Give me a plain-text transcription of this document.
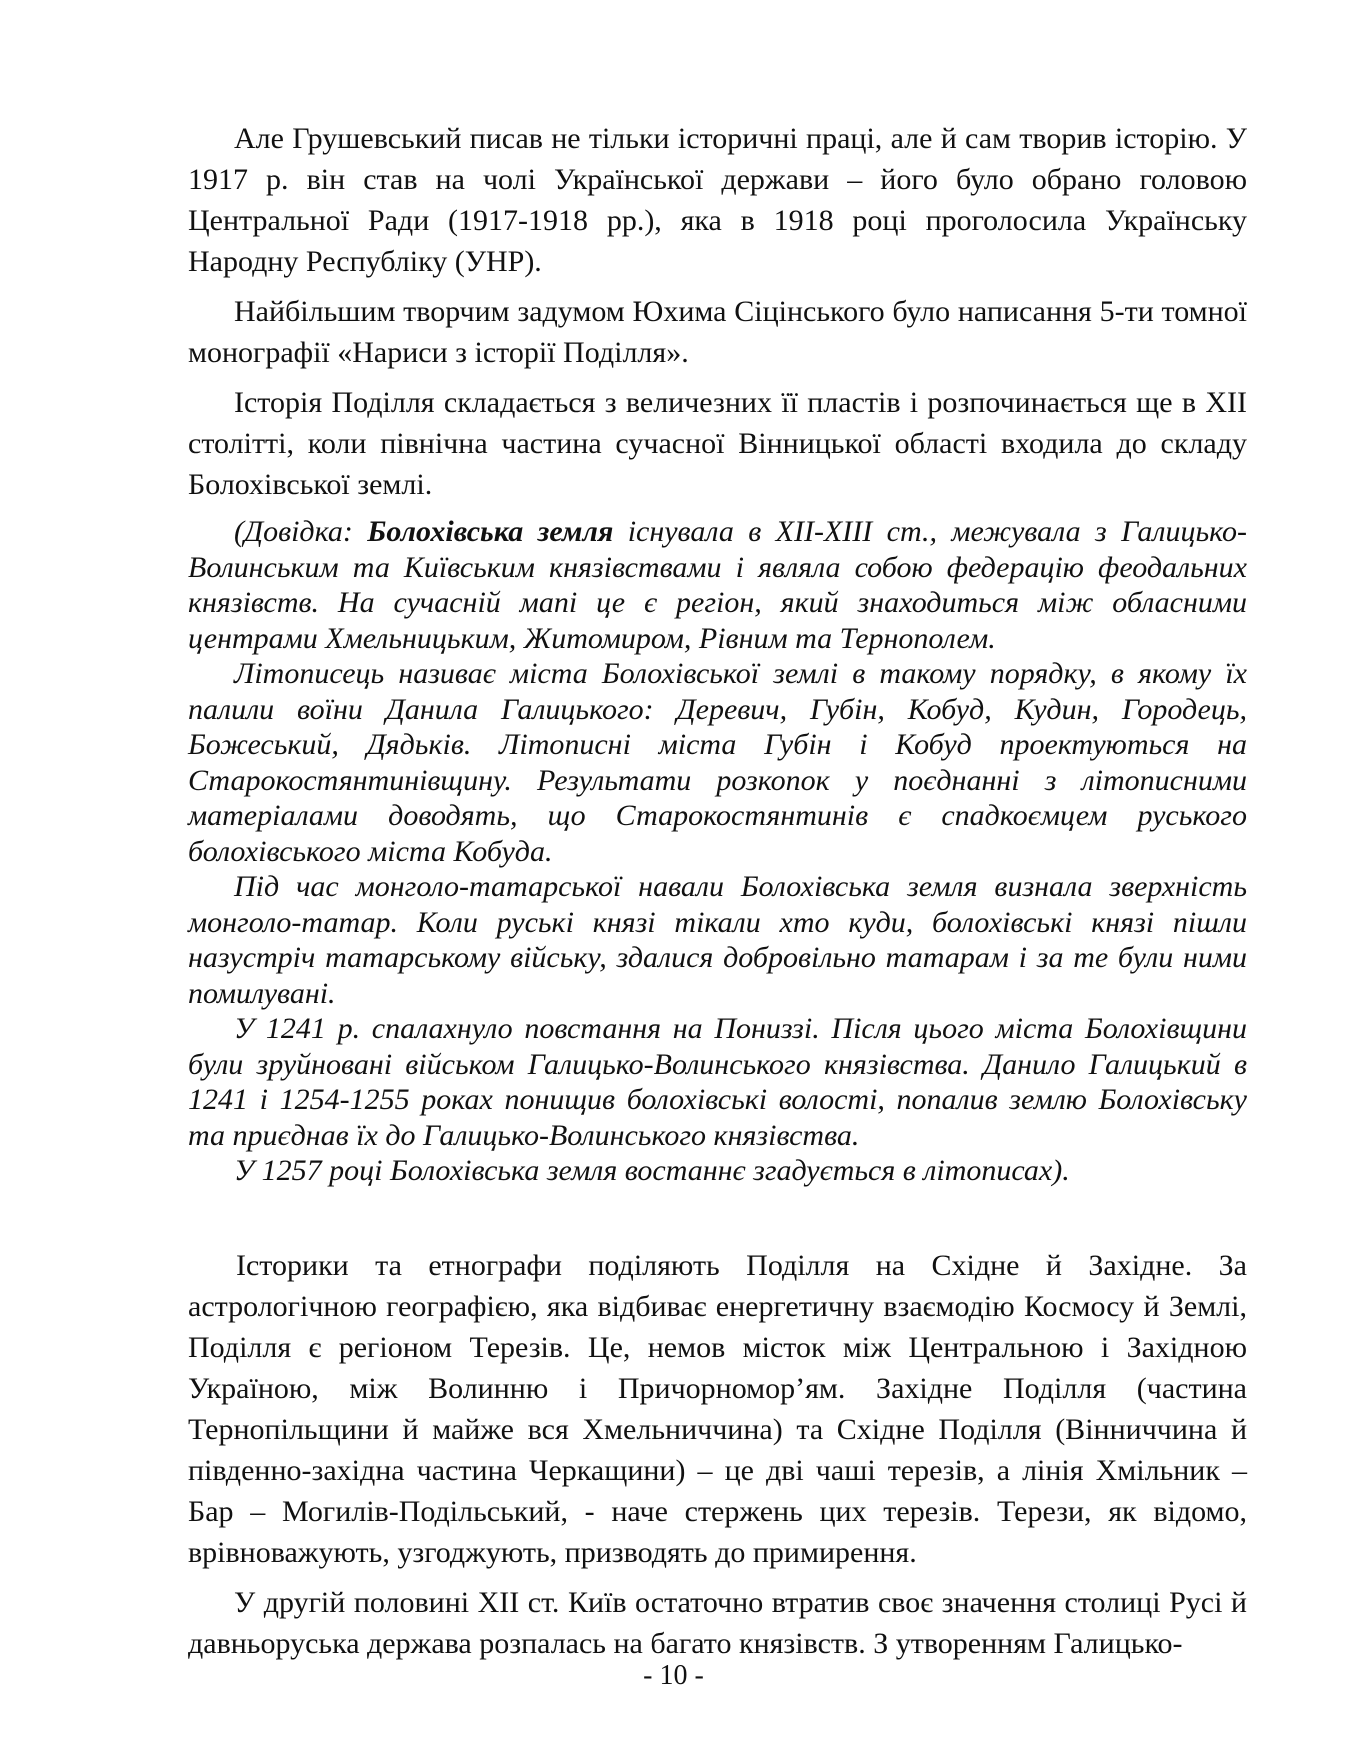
Але Грушевський писав не тільки історичні праці, але й сам творив історію. У 1917 р. він став на чолі Української держави – його було обрано головою Центральної Ради (1917-1918 рр.), яка в 1918 році проголосила Українську Народну Республіку (УНР).

Найбільшим творчим задумом Юхима Сіцінського було написання 5-ти томної монографії «Нариси з історії Поділля».

Історія Поділля складається з величезних її пластів і розпочинається ще в ХІІ столітті, коли північна частина сучасної Вінницької області входила до складу Болохівської землі.

(Довідка: Болохівська земля існувала в ХІІ-ХІІІ ст., межувала з Галицько-Волинським та Київським князівствами і являла собою федерацію феодальних князівств. На сучасній мапі це є регіон, який знаходиться між обласними центрами Хмельницьким, Житомиром, Рівним та Тернополем.

Літописець називає міста Болохівської землі в такому порядку, в якому їх палили воїни Данила Галицького: Деревич, Губін, Кобуд, Кудин, Городець, Божеський, Дядьків. Літописні міста Губін і Кобуд проектуються на Старокостянтинівщину. Результати розкопок у поєднанні з літописними матеріалами доводять, що Старокостянтинів є спадкоємцем руського болохівського міста Кобуда.

Під час монголо-татарської навали Болохівська земля визнала зверхність монголо-татар. Коли руські князі тікали хто куди, болохівські князі пішли назустріч татарському війську, здалися добровільно татарам і за те були ними помилувані.

У 1241 р. спалахнуло повстання на Пониззі. Після цього міста Болохівщини були зруйновані військом Галицько-Волинського князівства. Данило Галицький в 1241 і 1254-1255 роках понищив болохівські волості, попалив землю Болохівську та приєднав їх до Галицько-Волинського князівства.

У 1257 році Болохівська земля востаннє згадується в літописах).

Історики та етнографи поділяють Поділля на Східне й Західне. За астрологічною географією, яка відбиває енергетичну взаємодію Космосу й Землі, Поділля є регіоном Терезів. Це, немов місток між Центральною і Західною Україною, між Волинню і Причорномор’ям. Західне Поділля (частина Тернопільщини й майже вся Хмельниччина) та Східне Поділля (Вінниччина й південно-західна частина Черкащини) – це дві чаші терезів, а лінія Хмільник – Бар – Могилів-Подільський, - наче стержень цих терезів. Терези, як відомо, врівноважують, узгоджують, призводять до примирення.

У другій половині ХІІ ст. Київ остаточно втратив своє значення столиці Русі й давньоруська держава розпалась на багато князівств. З утворенням Галицько-

- 10 -
